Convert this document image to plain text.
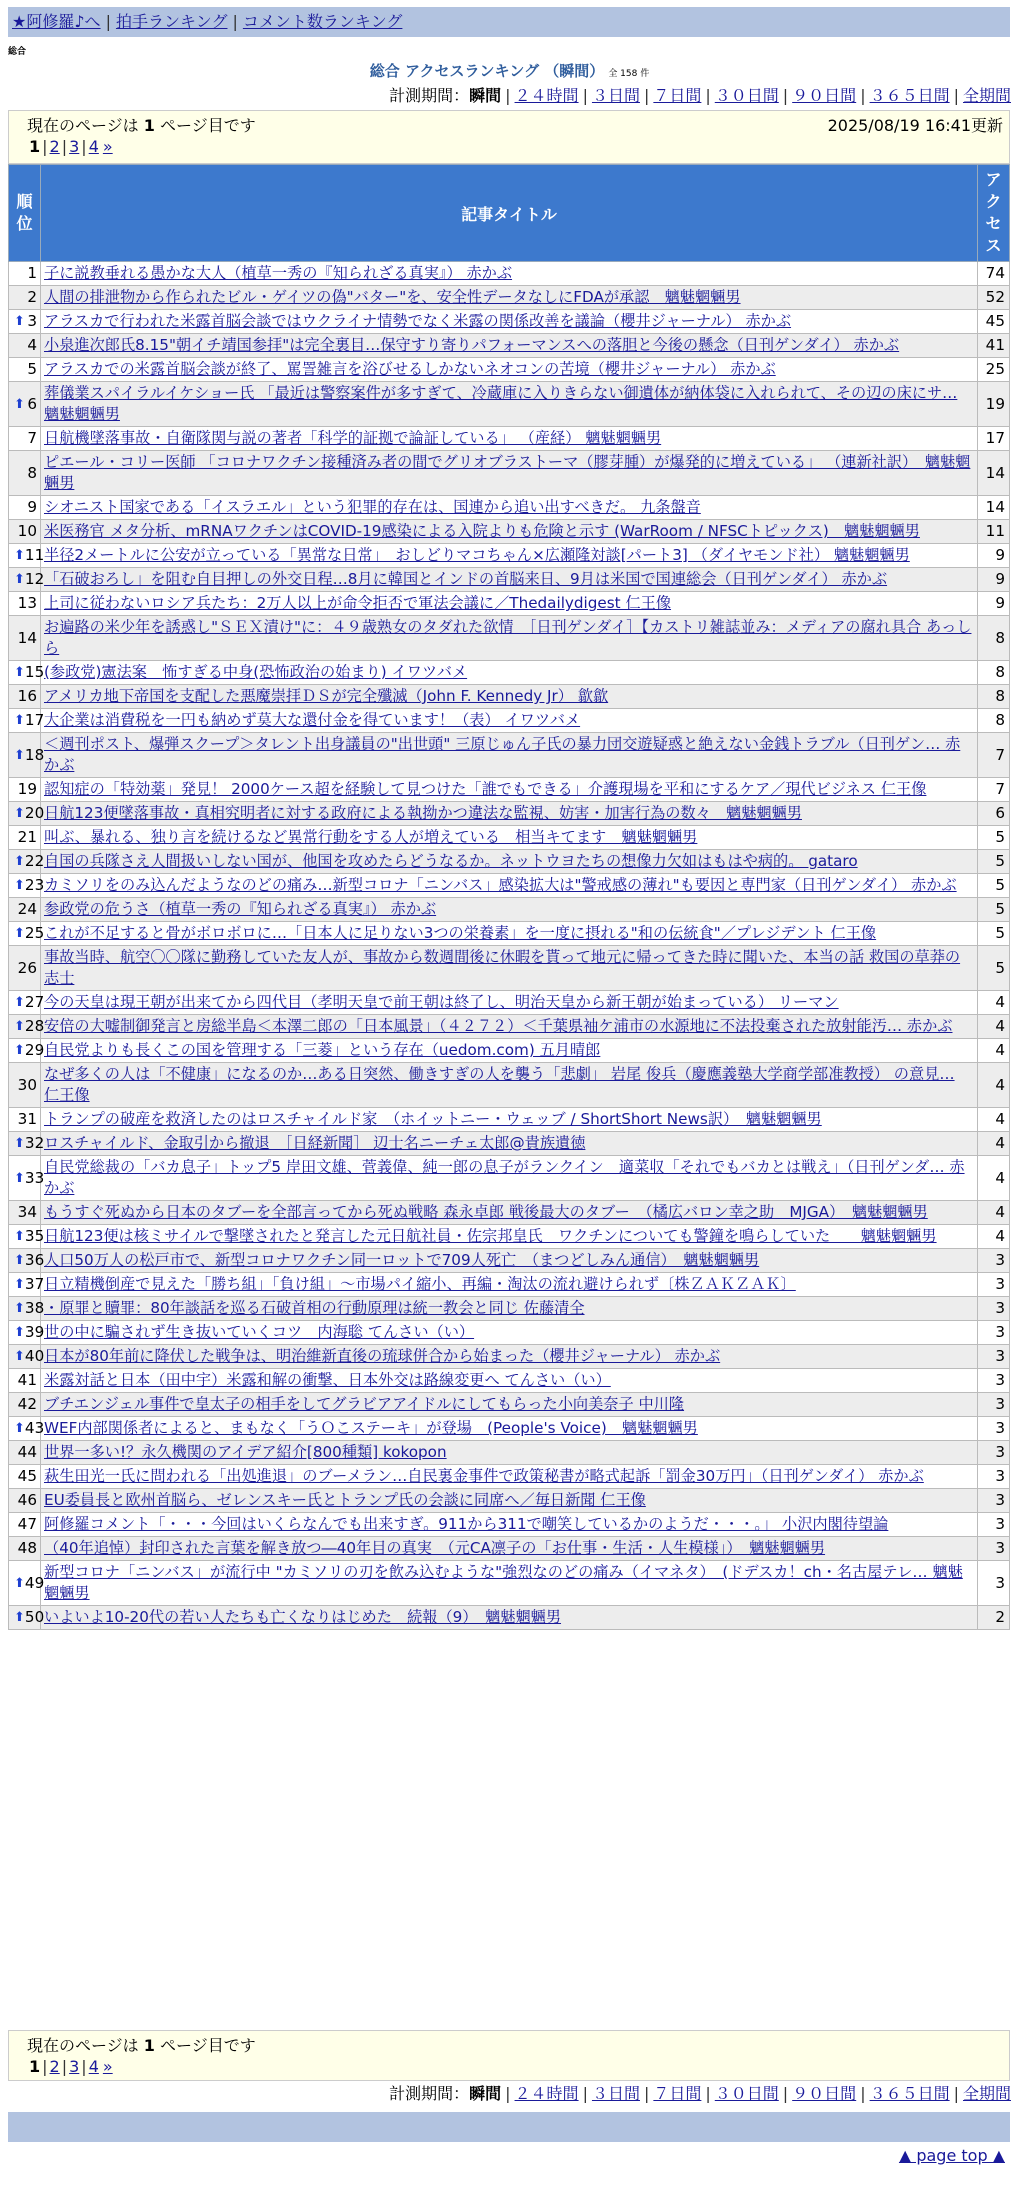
★阿修羅♪へ | 拍手ランキング | コメント数ランキング
総合
総合 アクセスランキング （瞬間） 全 158 件
計測期間：瞬間 | ２４時間 | ３日間 | ７日間 | ３０日間 | ９０日間 | ３６５日間 | 全期間
現在のページは 1 ページ目です	2025/08/19 16:41更新
1 | 2 | 3 | 4 »
順位	記事タイトル	アクセス
1	子に説教垂れる愚かな大人（植草一秀の『知られざる真実』） 赤かぶ	74
2	人間の排泄物から作られたビル・ゲイツの偽"バター"を、安全性データなしにFDAが承認　魑魅魍魎男	52

⬆ 3	アラスカで行われた米露首脳会談ではウクライナ情勢でなく米露の関係改善を議論（櫻井ジャーナル） 赤かぶ	45
4	小泉進次郎氏8.15"朝イチ靖国参拝"は完全裏目…保守すり寄りパフォーマンスへの落胆と今後の懸念（日刊ゲンダイ） 赤かぶ	41
5	アラスカでの米露首脳会談が終了、罵詈雑言を浴びせるしかないネオコンの苦境（櫻井ジャーナル） 赤かぶ	25

⬆ 6	葬儀業スパイラルイケショー氏 「最近は警察案件が多すぎて、冷蔵庫に入りきらない御遺体が納体袋に入れられて、その辺の床にサ… 魑魅魍魎男	19
7	日航機墜落事故・自衛隊関与説の著者「科学的証拠で論証している」 （産経） 魑魅魍魎男	17
8	ピエール・コリー医師 「コロナワクチン接種済み者の間でグリオブラストーマ（膠芽腫）が爆発的に増えている」 （連新社訳）　魑魅魍魎男	14
9	シオニスト国家である「イスラエル」という犯罪的存在は、国連から追い出すべきだ。 九条盤音	14
10	米医務官 メタ分析、mRNAワクチンはCOVID-19感染による入院よりも危険と示す (WarRoom / NFSCトピックス)　魑魅魍魎男	11

⬆ 11	半径2メートルに公安が立っている「異常な日常」　おしどりマコちゃん×広瀬隆対談[パート3] （ダイヤモンド社） 魑魅魍魎男	9

⬆ 12	「石破おろし」を阻む自目押しの外交日程…8月に韓国とインドの首脳来日、9月は米国で国連総会（日刊ゲンダイ） 赤かぶ	9
13	上司に従わないロシア兵たち：2万人以上が命令拒否で軍法会議に／Thedailydigest 仁王像	9
14	お遍路の米少年を誘惑し"ＳＥＸ漬け"に：４９歳熟女のタダれた欲情　［日刊ゲンダイ］【カストリ雑誌並み：メディアの腐れ具合 あっしら	8

⬆ 15	(参政党)憲法案　怖すぎる中身(恐怖政治の始まり) イワツバメ	8
16	アメリカ地下帝国を支配した悪魔崇拝ＤＳが完全殲滅（John F. Kennedy Jr） 歙歙	8

⬆ 17	大企業は消費税を一円も納めず莫大な還付金を得ています！（表） イワツバメ	8

⬆ 18	＜週刊ポスト、爆弾スクープ＞タレント出身議員の"出世頭" 三原じゅん子氏の暴力団交遊疑惑と絶えない金銭トラブル（日刊ゲン… 赤かぶ	7
19	認知症の「特効薬」発見！ 2000ケース超を経験して見つけた「誰でもできる」介護現場を平和にするケア／現代ビジネス 仁王像	7

⬆ 20	日航123便墜落事故・真相究明者に対する政府による執拗かつ違法な監視、妨害・加害行為の数々　魑魅魍魎男	6
21	叫ぶ、暴れる、独り言を続けるなど異常行動をする人が増えている　相当キてます　魑魅魍魎男	5

⬆ 22	自国の兵隊さえ人間扱いしない国が、他国を攻めたらどうなるか。ネットウヨたちの想像力欠如はもはや病的。 gataro	5

⬆ 23	カミソリをのみ込んだようなのどの痛み…新型コロナ「ニンバス」感染拡大は"警戒感の薄れ"も要因と専門家（日刊ゲンダイ） 赤かぶ	5
24	参政党の危うさ（植草一秀の『知られざる真実』） 赤かぶ	5

⬆ 25	これが不足すると骨がボロボロに…「日本人に足りない3つの栄養素」を一度に摂れる"和の伝統食"／プレジデント 仁王像	5
26	事故当時、航空〇〇隊に勤務していた友人が、事故から数週間後に休暇を貰って地元に帰ってきた時に聞いた、本当の話 救国の草莽の志士	5

⬆ 27	今の天皇は現王朝が出来てから四代目（孝明天皇で前王朝は終了し、明治天皇から新王朝が始まっている） リーマン	4

⬆ 28	安倍の大嘘制御発言と房総半島＜本澤二郎の「日本風景」（４２７２）＜千葉県袖ケ浦市の水源地に不法投棄された放射能汚… 赤かぶ	4

⬆ 29	自民党よりも長くこの国を管理する「三菱」という存在（uedom.com) 五月晴郎	4
30	なぜ多くの人は「不健康」になるのか…ある日突然、働きすぎの人を襲う「悲劇」 岩尾 俊兵（慶應義塾大学商学部准教授） の意見… 仁王像	4
31	トランプの破産を救済したのはロスチャイルド家　（ホイットニー・ウェッブ / ShortShort News訳）　魑魅魍魎男	4

⬆ 32	ロスチャイルド、金取引から撤退　［日経新聞］ 辺士名ニーチェ太郎@貴族遺徳	4

⬆ 33	自民党総裁の「バカ息子」トップ5 岸田文雄、菅義偉、純一郎の息子がランクイン　適菜収「それでもバカとは戦え」（日刊ゲンダ… 赤かぶ	4
34	もうすぐ死ぬから日本のタブーを全部言ってから死ぬ戦略 森永卓郎 戦後最大のタブー　（橘広バロン幸之助　MJGA）　魑魅魍魎男	4

⬆ 35	日航123便は核ミサイルで撃墜されたと発言した元日航社員・佐宗邦皇氏　ワクチンについても警鐘を鳴らしていた　　魑魅魍魎男	4

⬆ 36	人口50万人の松戸市で、新型コロナワクチン同一ロットで709人死亡　（まつどしみん通信）　魑魅魍魎男	3

⬆ 37	日立精機倒産で見えた「勝ち組」「負け組」〜市場パイ縮小、再編・淘汰の流れ避けられず〔株ＺＡＫＺＡＫ〕	3

⬆ 38	・原罪と贖罪：80年談話を巡る石破首相の行動原理は統一教会と同じ 佐藤清全	3

⬆ 39	世の中に騙されず生き抜いていくコツ　内海聡 てんさい（い）	3

⬆ 40	日本が80年前に降伏した戦争は、明治維新直後の琉球併合から始まった（櫻井ジャーナル） 赤かぶ	3
41	米露対話と日本（田中宇）米露和解の衝撃、日本外交は路線変更へ てんさい（い）	3
42	ブチエンジェル事件で皇太子の相手をしてグラビアアイドルにしてもらった小向美奈子 中川隆	3

⬆ 43	WEF内部関係者によると、まもなく「うＯこステーキ」が登場　(People's Voice)　魑魅魍魎男	3
44	世界一多い!？永久機関のアイデア紹介[800種類] kokopon	3
45	萩生田光一氏に問われる「出処進退」のブーメラン…自民裏金事件で政策秘書が略式起訴「罰金30万円」（日刊ゲンダイ） 赤かぶ	3
46	EU委員長と欧州首脳ら、ゼレンスキー氏とトランプ氏の会談に同席へ／毎日新聞 仁王像	3
47	阿修羅コメント「・・・今回はいくらなんでも出来すぎ。911から311で嘲笑しているかのようだ・・・。」 小沢内閣待望論	3
48	（40年追悼）封印された言葉を解き放つ―40年目の真実　（元CA凛子の「お仕事・生活・人生模様」）　魑魅魍魎男	3

⬆ 49	新型コロナ「ニンバス」が流行中 "カミソリの刃を飲み込むような"強烈なのどの痛み（イマネタ）　(ドデスカ！ch・名古屋テレ… 魑魅魍魎男	3

⬆ 50	いよいよ10-20代の若い人たちも亡くなりはじめた　続報（9）　魑魅魍魎男	2
現在のページは 1 ページ目です
1 | 2 | 3 | 4 »
計測期間：瞬間 | ２４時間 | ３日間 | ７日間 | ３０日間 | ９０日間 | ３６５日間 | 全期間
▲ page top ▲
